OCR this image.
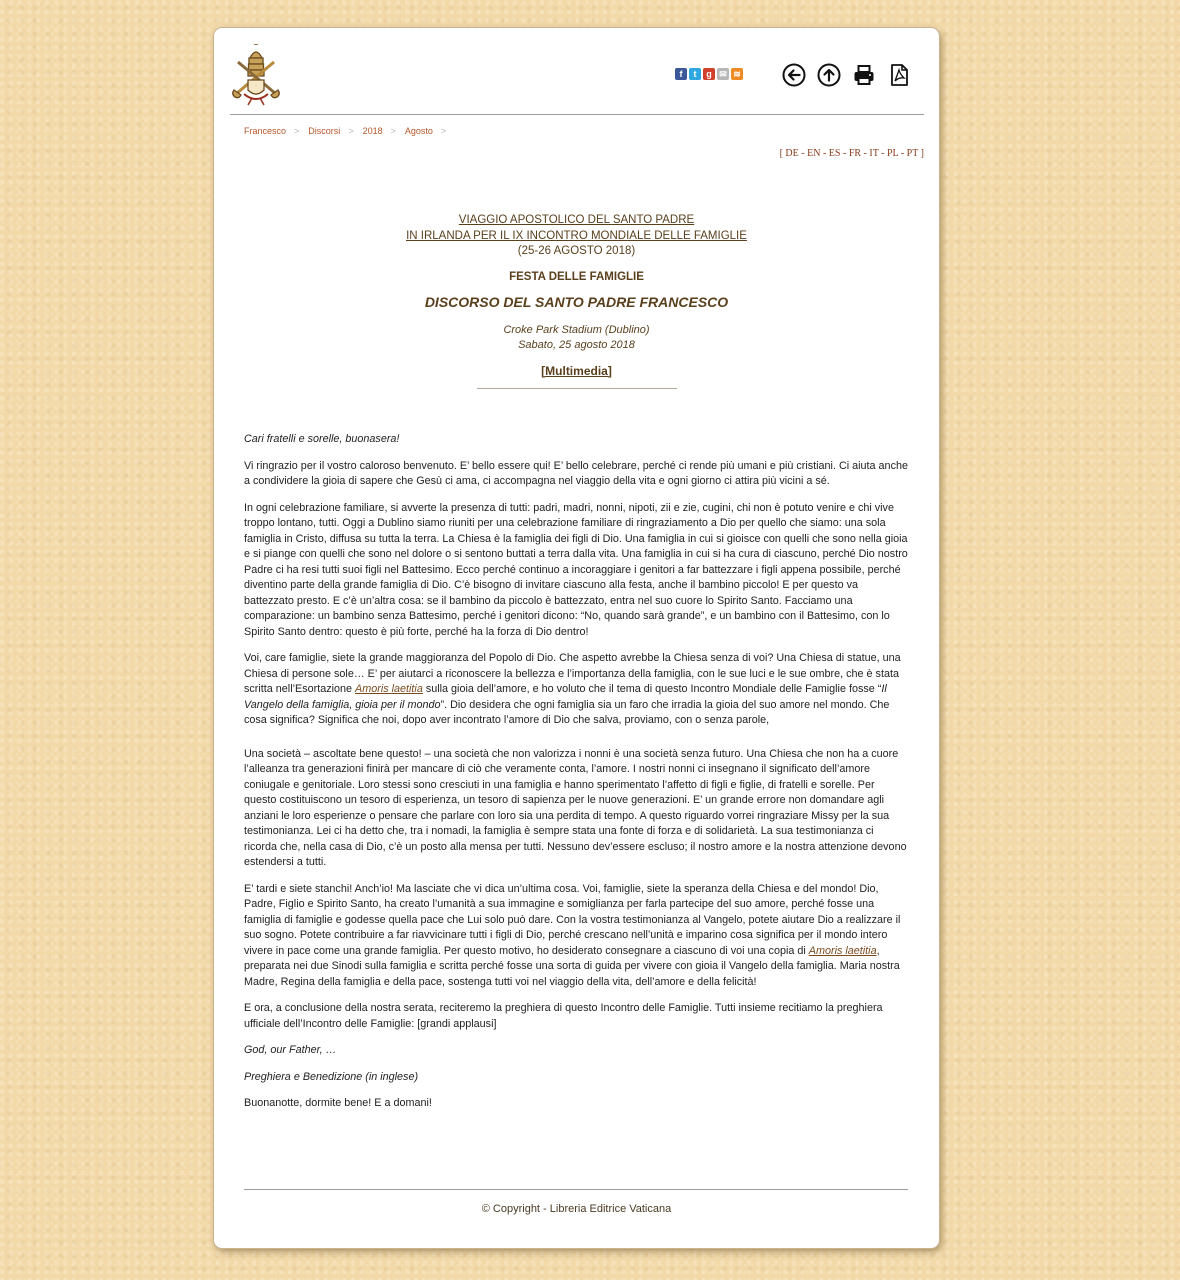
f	t	g ✉ ≋
Francesco > Discorsi > 2018 > Agosto >
[ DE - EN - ES - FR - IT - PL - PT ]
VIAGGIO APOSTOLICO DEL SANTO PADRE
IN IRLANDA PER IL IX INCONTRO MONDIALE DELLE FAMIGLIE
(25-26 AGOSTO 2018)
FESTA DELLE FAMIGLIE
DISCORSO DEL SANTO PADRE FRANCESCO
Croke Park Stadium (Dublino)
Sabato, 25 agosto 2018
[Multimedia]

Cari fratelli e sorelle, buonasera!

Vi ringrazio per il vostro caloroso benvenuto. E’ bello essere qui! E’ bello celebrare, perché ci rende più umani e più cristiani. Ci aiuta anche a condividere la gioia di sapere che Gesù ci ama, ci accompagna nel viaggio della vita e ogni giorno ci attira più vicini a sé.

In ogni celebrazione familiare, si avverte la presenza di tutti: padri, madri, nonni, nipoti, zii e zie, cugini, chi non è potuto venire e chi vive troppo lontano, tutti. Oggi a Dublino siamo riuniti per una celebrazione familiare di ringraziamento a Dio per quello che siamo: una sola famiglia in Cristo, diffusa su tutta la terra. La Chiesa è la famiglia dei figli di Dio. Una famiglia in cui si gioisce con quelli che sono nella gioia e si piange con quelli che sono nel dolore o si sentono buttati a terra dalla vita. Una famiglia in cui si ha cura di ciascuno, perché Dio nostro Padre ci ha resi tutti suoi figli nel Battesimo. Ecco perché continuo a incoraggiare i genitori a far battezzare i figli appena possibile, perché diventino parte della grande famiglia di Dio. C’è bisogno di invitare ciascuno alla festa, anche il bambino piccolo! E per questo va battezzato presto. E c’è un’altra cosa: se il bambino da piccolo è battezzato, entra nel suo cuore lo Spirito Santo. Facciamo una comparazione: un bambino senza Battesimo, perché i genitori dicono: “No, quando sarà grande”, e un bambino con il Battesimo, con lo Spirito Santo dentro: questo è più forte, perché ha la forza di Dio dentro!

Voi, care famiglie, siete la grande maggioranza del Popolo di Dio. Che aspetto avrebbe la Chiesa senza di voi? Una Chiesa di statue, una Chiesa di persone sole… E’ per aiutarci a riconoscere la bellezza e l’importanza della famiglia, con le sue luci e le sue ombre, che è stata scritta nell’Esortazione Amoris laetitia sulla gioia dell’amore, e ho voluto che il tema di questo Incontro Mondiale delle Famiglie fosse “Il Vangelo della famiglia, gioia per il mondo”. Dio desidera che ogni famiglia sia un faro che irradia la gioia del suo amore nel mondo. Che cosa significa? Significa che noi, dopo aver incontrato l’amore di Dio che salva, proviamo, con o senza parole,

Una società – ascoltate bene questo! – una società che non valorizza i nonni è una società senza futuro. Una Chiesa che non ha a cuore l’alleanza tra generazioni finirà per mancare di ciò che veramente conta, l’amore. I nostri nonni ci insegnano il significato dell’amore coniugale e genitoriale. Loro stessi sono cresciuti in una famiglia e hanno sperimentato l’affetto di figli e figlie, di fratelli e sorelle. Per questo costituiscono un tesoro di esperienza, un tesoro di sapienza per le nuove generazioni. E’ un grande errore non domandare agli anziani le loro esperienze o pensare che parlare con loro sia una perdita di tempo. A questo riguardo vorrei ringraziare Missy per la sua testimonianza. Lei ci ha detto che, tra i nomadi, la famiglia è sempre stata una fonte di forza e di solidarietà. La sua testimonianza ci ricorda che, nella casa di Dio, c’è un posto alla mensa per tutti. Nessuno dev’essere escluso; il nostro amore e la nostra attenzione devono estendersi a tutti.

E’ tardi e siete stanchi! Anch’io! Ma lasciate che vi dica un’ultima cosa. Voi, famiglie, siete la speranza della Chiesa e del mondo! Dio, Padre, Figlio e Spirito Santo, ha creato l’umanità a sua immagine e somiglianza per farla partecipe del suo amore, perché fosse una famiglia di famiglie e godesse quella pace che Lui solo può dare. Con la vostra testimonianza al Vangelo, potete aiutare Dio a realizzare il suo sogno. Potete contribuire a far riavvicinare tutti i figli di Dio, perché crescano nell’unità e imparino cosa significa per il mondo intero vivere in pace come una grande famiglia. Per questo motivo, ho desiderato consegnare a ciascuno di voi una copia di Amoris laetitia, preparata nei due Sinodi sulla famiglia e scritta perché fosse una sorta di guida per vivere con gioia il Vangelo della famiglia. Maria nostra Madre, Regina della famiglia e della pace, sostenga tutti voi nel viaggio della vita, dell’amore e della felicità!

E ora, a conclusione della nostra serata, reciteremo la preghiera di questo Incontro delle Famiglie. Tutti insieme recitiamo la preghiera ufficiale dell’Incontro delle Famiglie: [grandi applausi]

God, our Father, …

Preghiera e Benedizione (in inglese)

Buonanotte, dormite bene! E a domani!

© Copyright - Libreria Editrice Vaticana
